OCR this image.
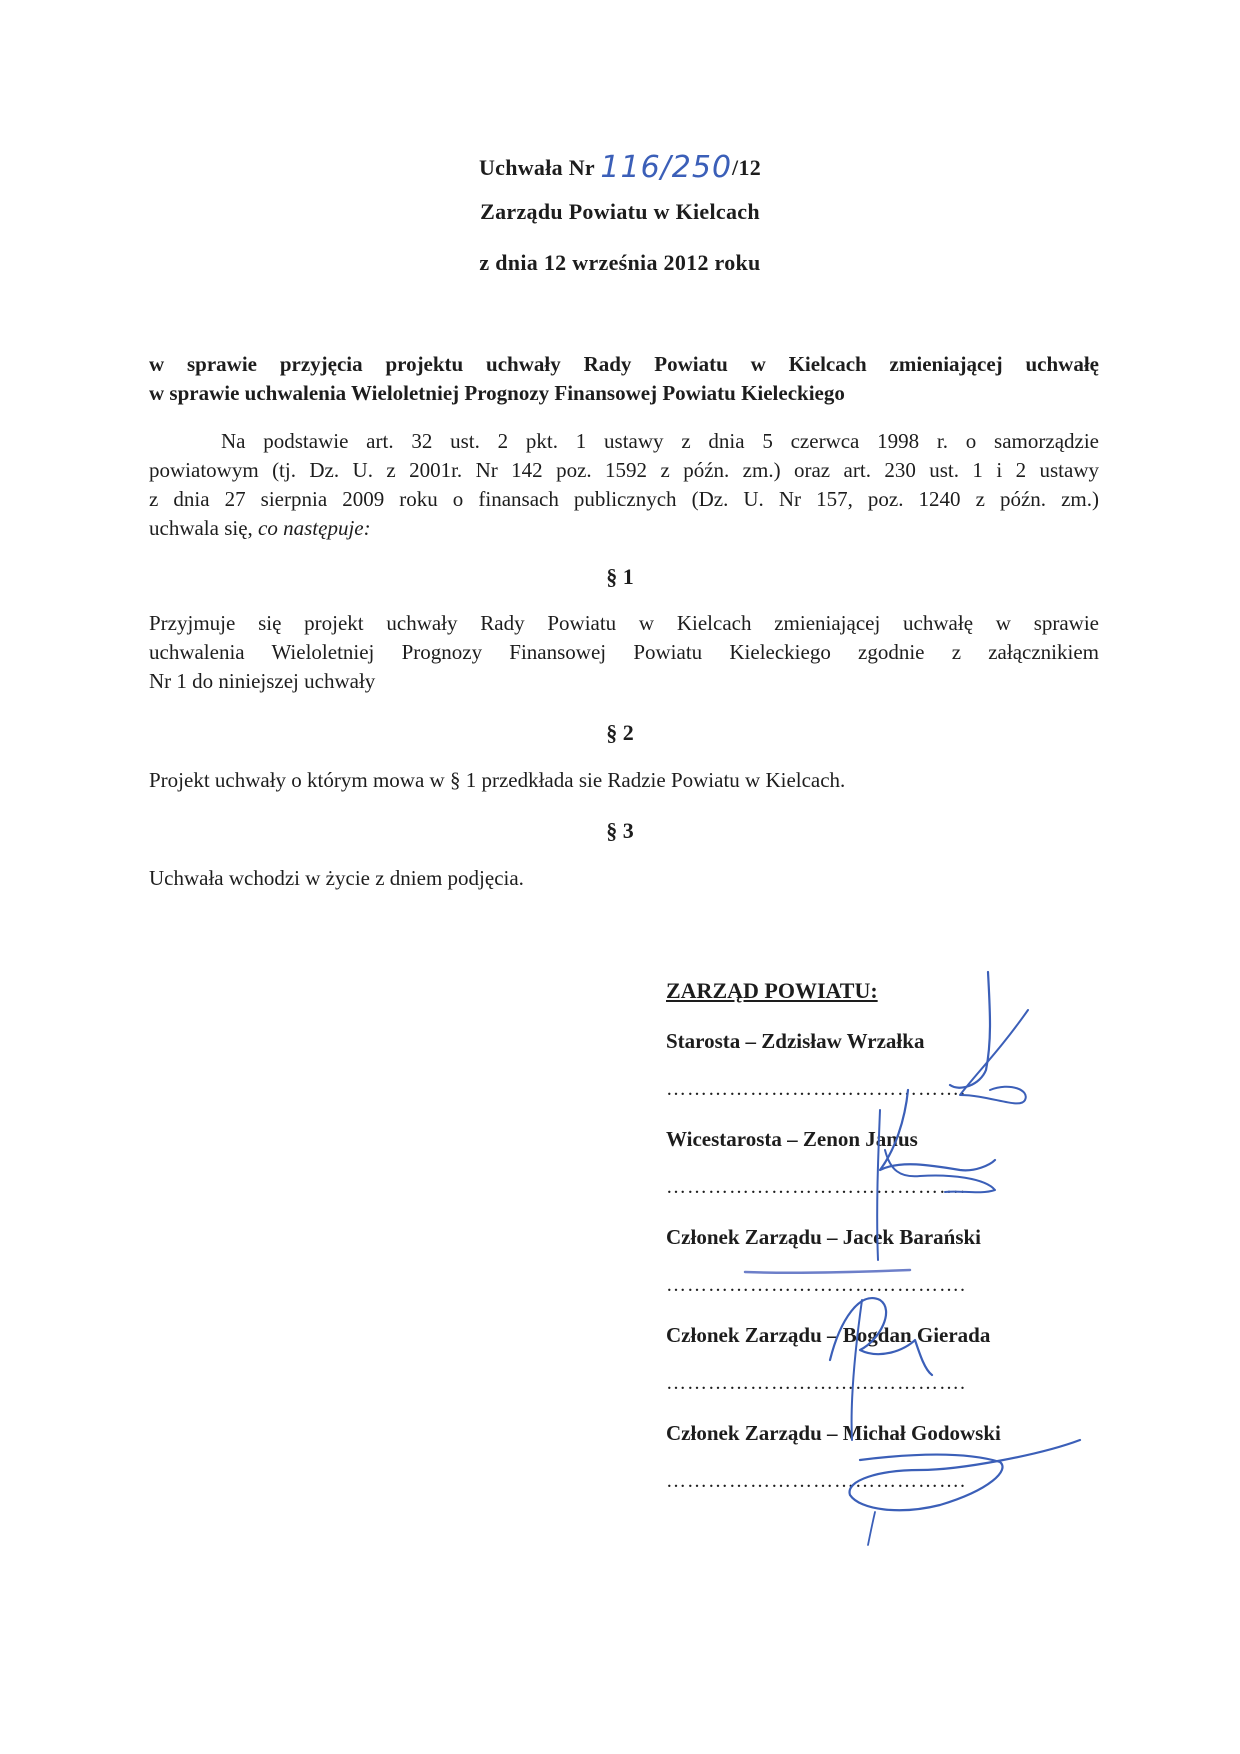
Uchwała Nr 116/250/12
Zarządu Powiatu w Kielcach
z dnia 12 września 2012 roku
w sprawie przyjęcia projektu uchwały Rady Powiatu w Kielcach zmieniającej uchwałę
w sprawie uchwalenia Wieloletniej Prognozy Finansowej Powiatu Kieleckiego
Na podstawie art. 32 ust. 2 pkt. 1 ustawy z dnia 5 czerwca 1998 r. o samorządzie
powiatowym (tj. Dz. U. z 2001r. Nr 142 poz. 1592 z późn. zm.) oraz art. 230 ust. 1 i 2 ustawy
z dnia 27 sierpnia 2009 roku o finansach publicznych (Dz. U. Nr 157, poz. 1240 z późn. zm.)
uchwala się, co następuje:
§ 1
Przyjmuje się projekt uchwały Rady Powiatu w Kielcach zmieniającej uchwałę w sprawie
uchwalenia Wieloletniej Prognozy Finansowej Powiatu Kieleckiego zgodnie z załącznikiem
Nr 1 do niniejszej uchwały
§ 2
Projekt uchwały o którym mowa w § 1 przedkłada sie Radzie Powiatu w Kielcach.
§ 3
Uchwała wchodzi w życie z dniem podjęcia.
ZARZĄD POWIATU:
Starosta – Zdzisław Wrzałka
…………………………………….
Wicestarosta – Zenon Janus
…………………………………….
Członek Zarządu – Jacek Barański
…………………………………….
Członek Zarządu – Bogdan Gierada
…………………………………….
Członek Zarządu – Michał Godowski
…………………………………….
